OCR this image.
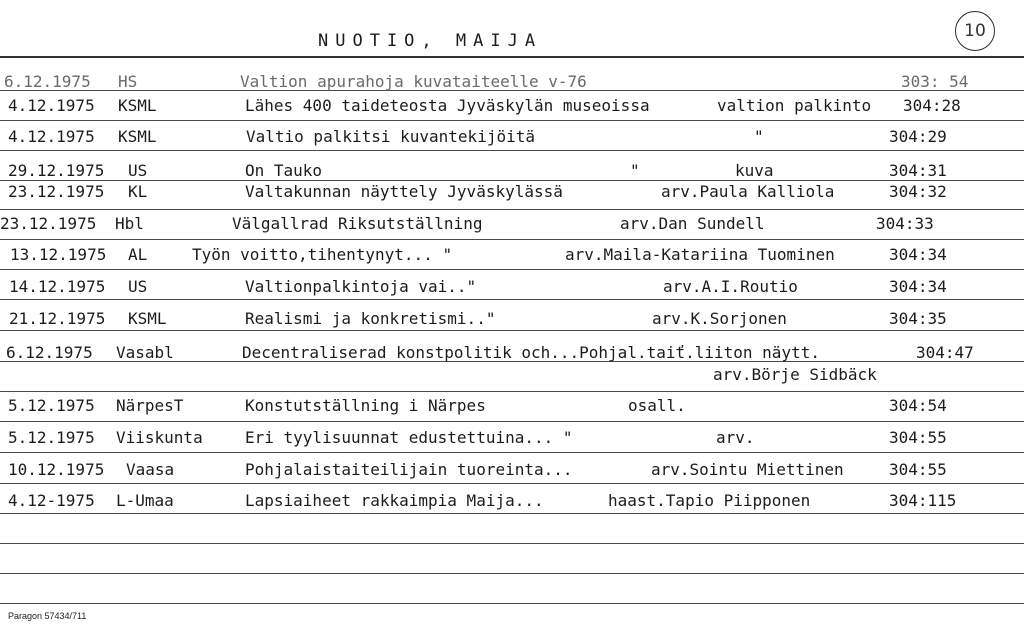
NUOTIO, MAIJA	10
6.12.1975 HS	Valtion apurahoja kuvataiteelle v-76	303: 54
4.12.1975 KSML	Lähes 400 taideteosta Jyväskylän museoissa	valtion palkinto 304:28
4.12.1975 KSML	Valtio palkitsi kuvantekijöitä	"	304:29
29.12.1975 US	On Tauko	"	kuva	304:31
23.12.1975 KL	Valtakunnan näyttely Jyväskylässä	arv.Paula Kalliola	304:32
23.12.1975 Hbl	Välgallrad Riksutställning	arv.Dan Sundell	304:33
13.12.1975 AL	Työn voitto,tihentynyt... "	arv.Maila-Katariina Tuominen	304:34
14.12.1975 US	Valtionpalkintoja vai.."	arv.A.I.Routio	304:34
21.12.1975 KSML	Realismi ja konkretismi.."	arv.K.Sorjonen	304:35
6.12.1975 Vasabl	Decentraliserad konstpolitik och...Pohjal.taiť.liiton näytt.	304:47
arv.Börje Sidbäck
5.12.1975 NärpesT	Konstutställning i Närpes	osall.	304:54
5.12.1975 Viiskunta	Eri tyylisuunnat edustettuina... "	arv.	304:55
10.12.1975 Vaasa	Pohjalaistaiteilijain tuoreinta...	arv.Sointu Miettinen	304:55
4.12-1975 L-Umaa	Lapsiaiheet rakkaimpia Maija...	haast.Tapio Piipponen	304:115
Paragon 57434/711
